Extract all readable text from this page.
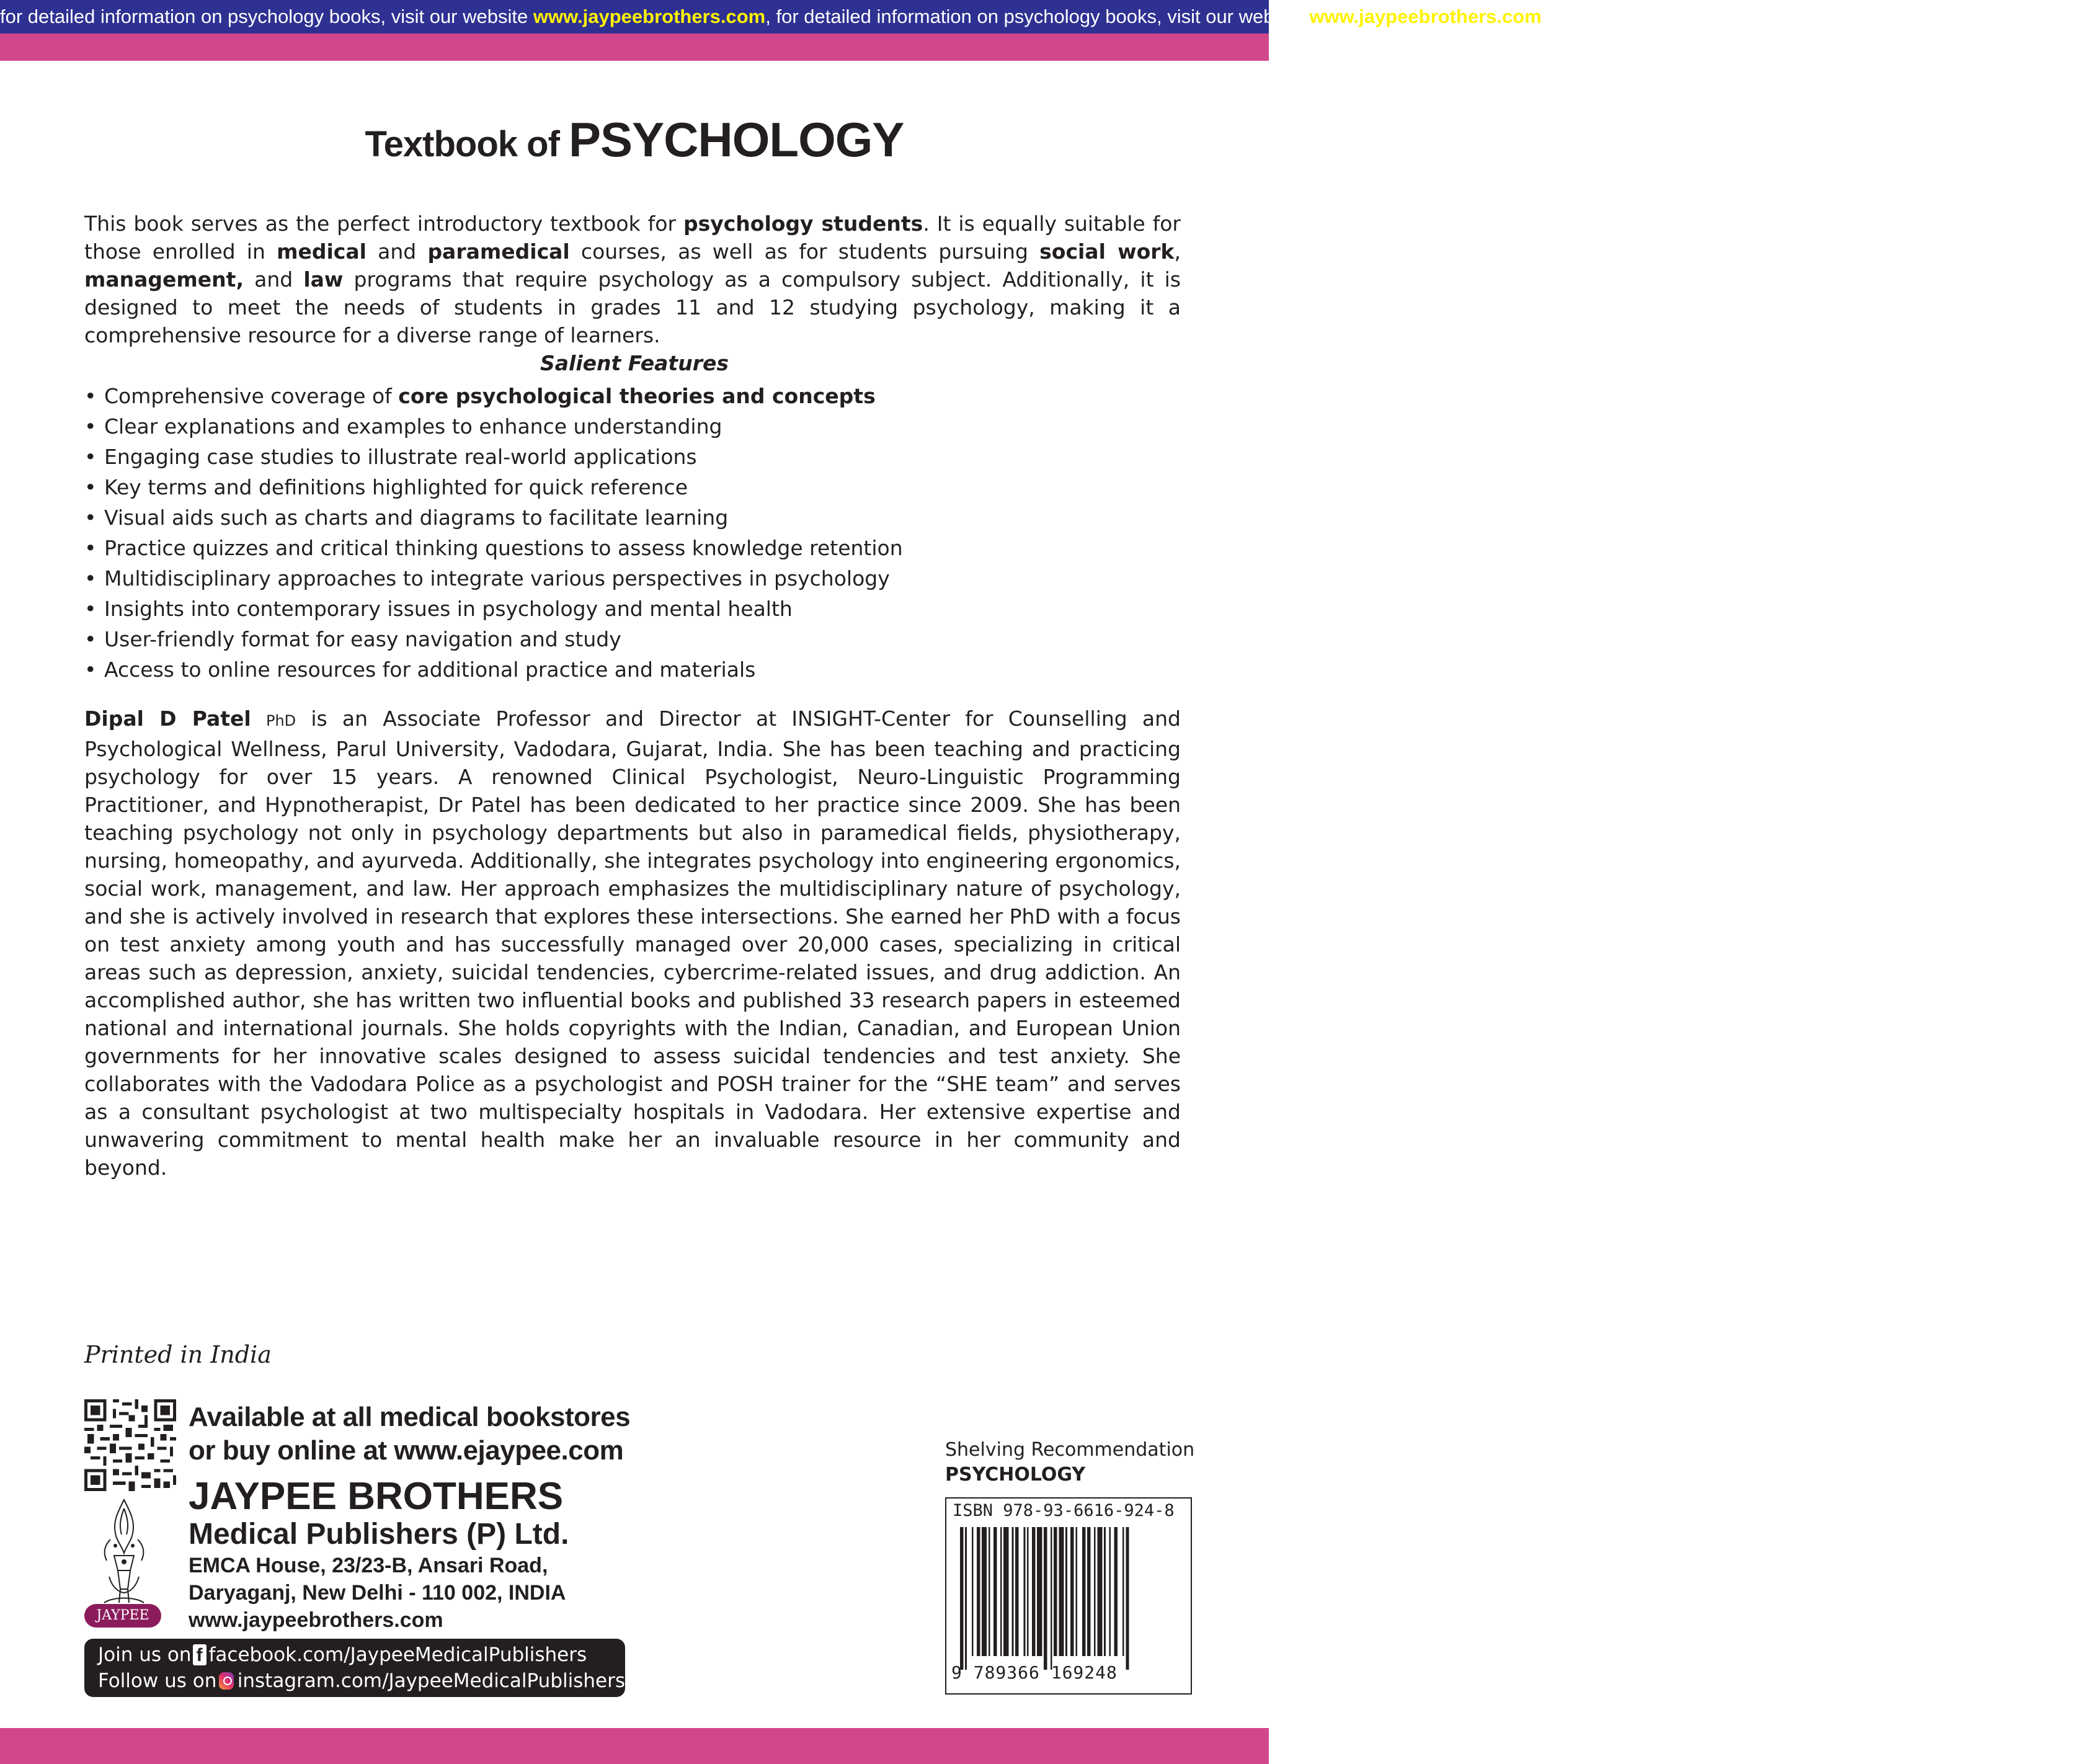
for detailed information on psychology books, visit our website www.jaypeebrothers.com, for detailed information on psychology books, visit our website www.jaypeebrothers.com, for detailed information on psychology books, visit our website
Textbook of PSYCHOLOGY
This book serves as the perfect introductory textbook for psychology students. It is equally suitable for those enrolled in medical and paramedical courses, as well as for students pursuing social work, management, and law programs that require psychology as a compulsory subject. Additionally, it is designed to meet the needs of students in grades 11 and 12 studying psychology, making it a comprehensive resource for a diverse range of learners.
Salient Features
• Comprehensive coverage of core psychological theories and concepts
• Clear explanations and examples to enhance understanding
• Engaging case studies to illustrate real-world applications
• Key terms and definitions highlighted for quick reference
• Visual aids such as charts and diagrams to facilitate learning
• Practice quizzes and critical thinking questions to assess knowledge retention
• Multidisciplinary approaches to integrate various perspectives in psychology
• Insights into contemporary issues in psychology and mental health
• User-friendly format for easy navigation and study
• Access to online resources for additional practice and materials
Dipal D Patel PhD is an Associate Professor and Director at INSIGHT-Center for Counselling and Psychological Wellness, Parul University, Vadodara, Gujarat, India. She has been teaching and practicing psychology for over 15 years. A renowned Clinical Psychologist, Neuro-Linguistic Programming Practitioner, and Hypnotherapist, Dr Patel has been dedicated to her practice since 2009. She has been teaching psychology not only in psychology departments but also in paramedical fields, physiotherapy, nursing, homeopathy, and ayurveda. Additionally, she integrates psychology into engineering ergonomics, social work, management, and law. Her approach emphasizes the multidisciplinary nature of psychology, and she is actively involved in research that explores these intersections. She earned her PhD with a focus on test anxiety among youth and has successfully managed over 20,000 cases, specializing in critical areas such as depression, anxiety, suicidal tendencies, cybercrime-related issues, and drug addiction. An accomplished author, she has written two influential books and published 33 research papers in esteemed national and international journals. She holds copyrights with the Indian, Canadian, and European Union governments for her innovative scales designed to assess suicidal tendencies and test anxiety. She collaborates with the Vadodara Police as a psychologist and POSH trainer for the “SHE team” and serves as a consultant psychologist at two multispecialty hospitals in Vadodara. Her extensive expertise and unwavering commitment to mental health make her an invaluable resource in her community and beyond.
Printed in India
Available at all medical bookstores
or buy online at www.ejaypee.com
JAYPEE
JAYPEE BROTHERS
Medical Publishers (P) Ltd.
EMCA House, 23/23-B, Ansari Road,
Daryaganj, New Delhi - 110 002, INDIA
www.jaypeebrothers.com
Join us on f facebook.com/JaypeeMedicalPublishers
Follow us on instagram.com/JaypeeMedicalPublishers
Shelving Recommendation
PSYCHOLOGY
ISBN 978-93-6616-924-8
9 789366 169248
